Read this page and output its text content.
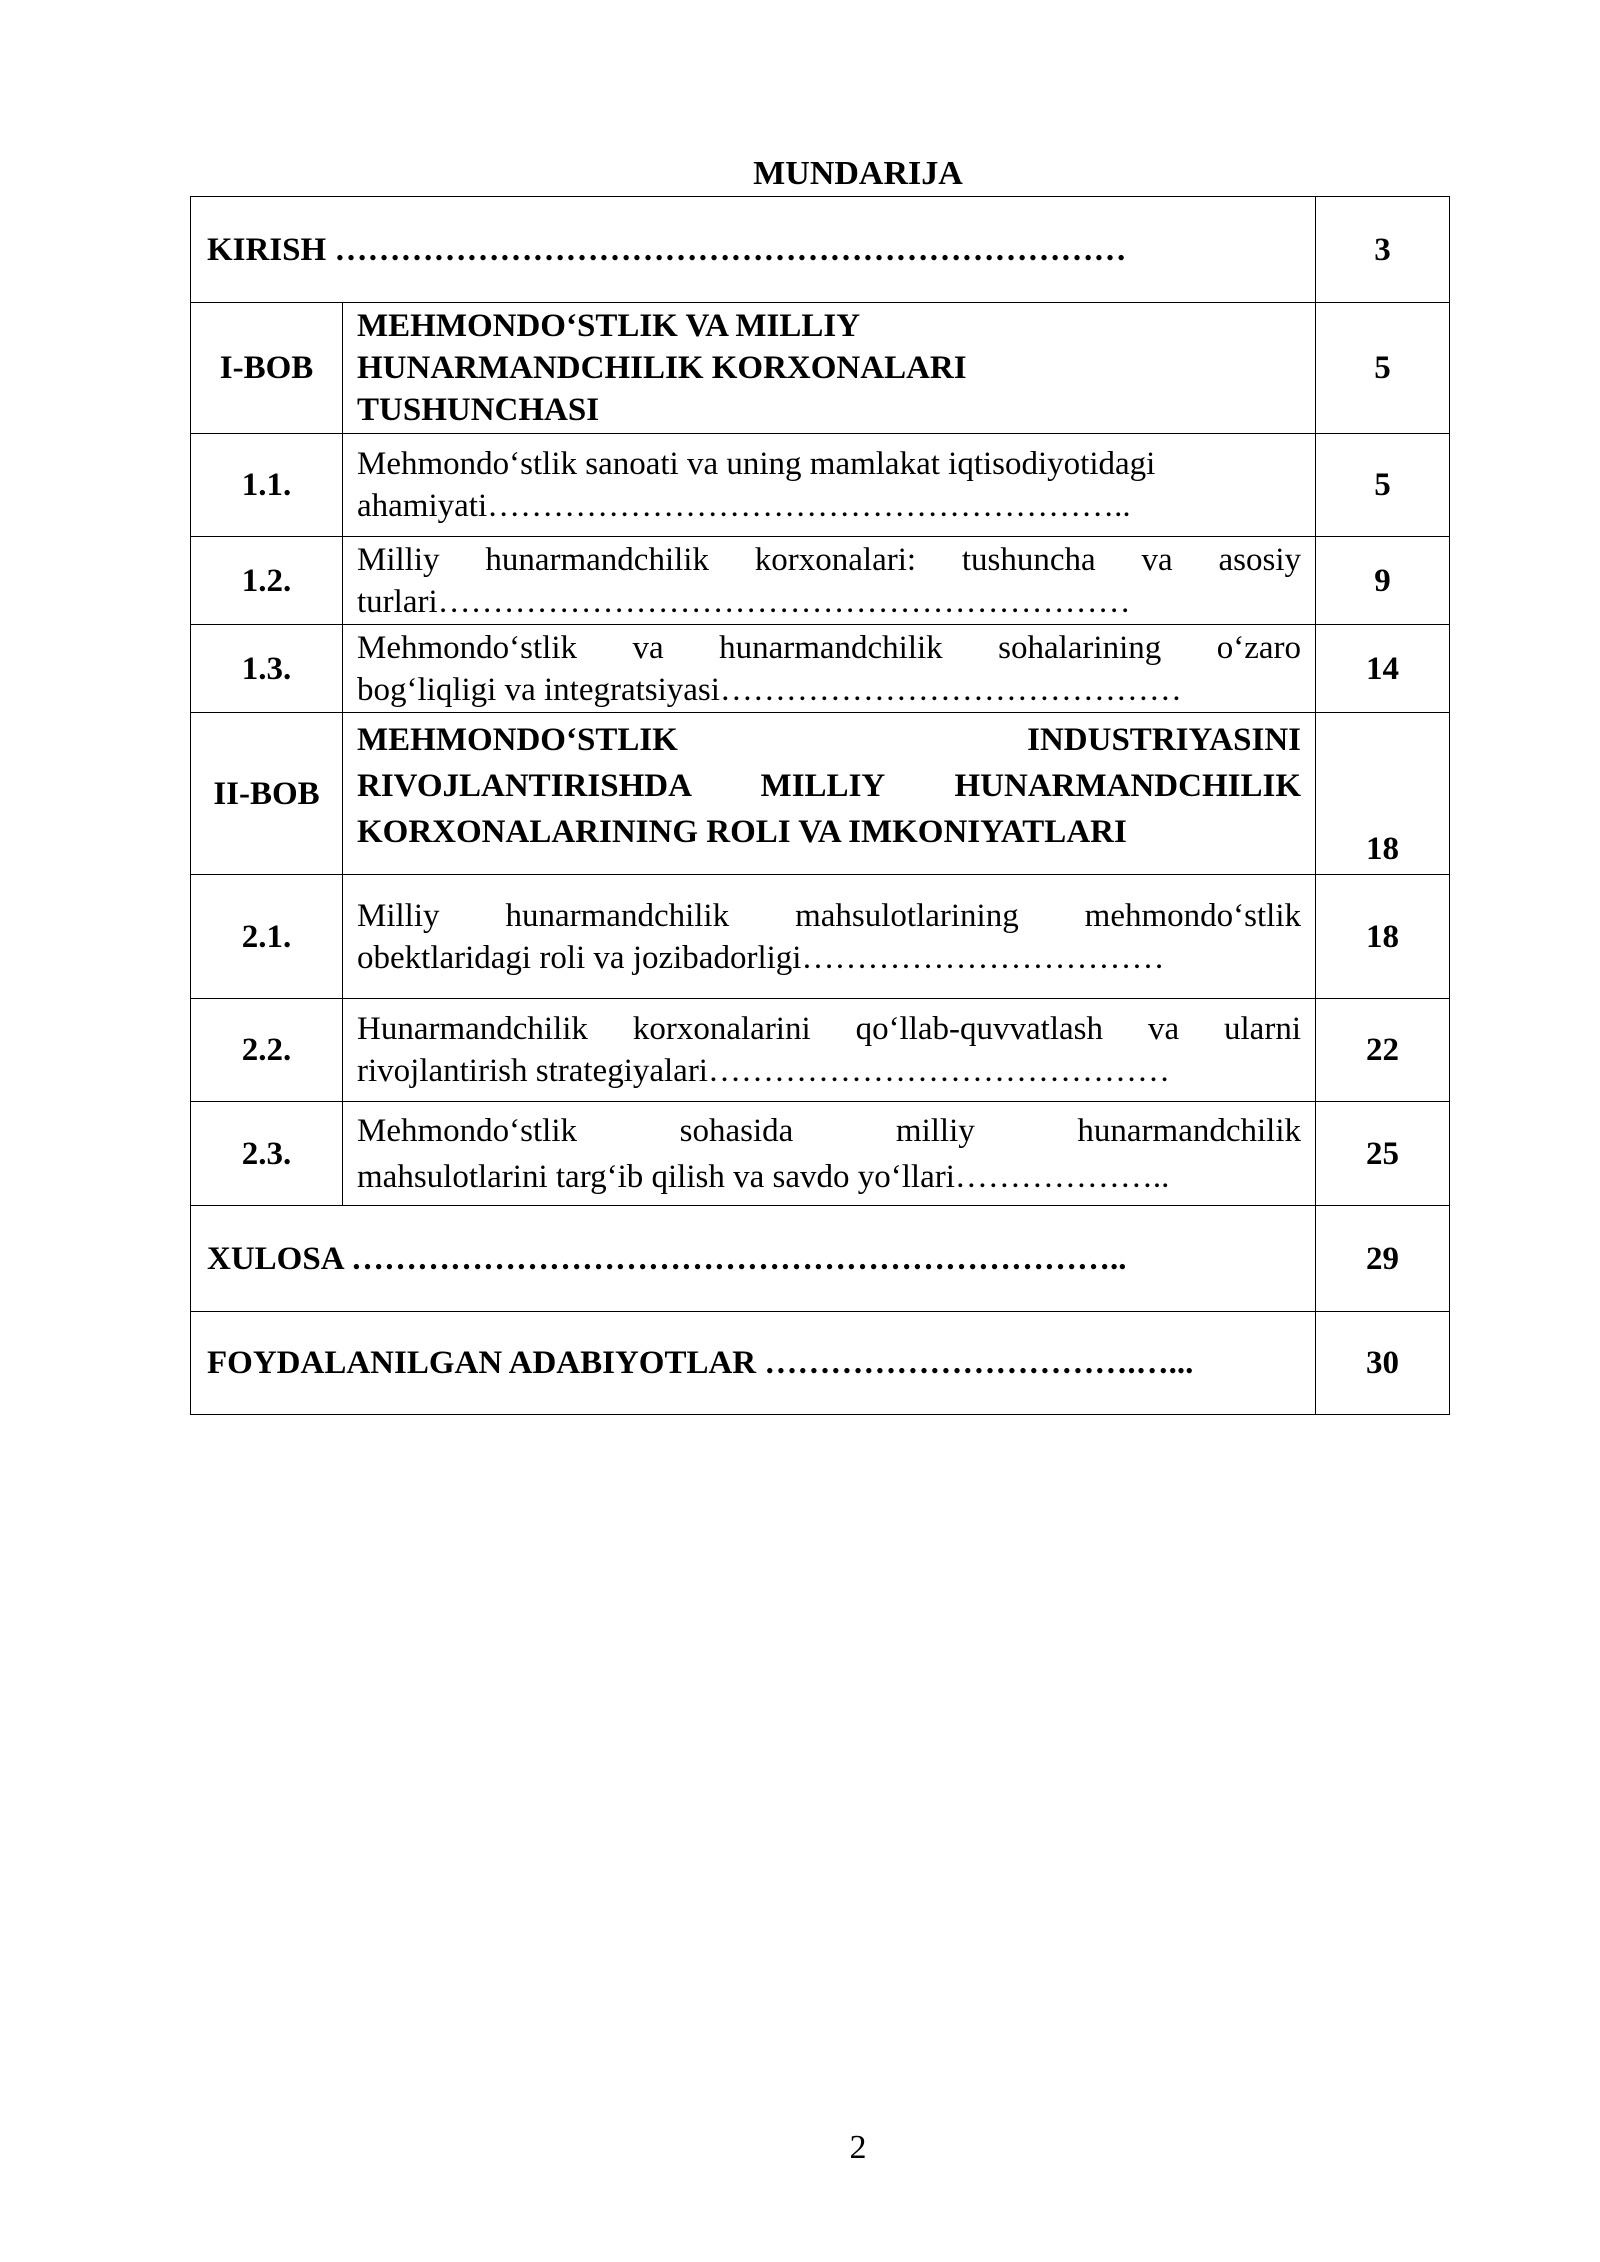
MUNDARIJA
KIRISH ………………………………………………………………		3
I-BOB	MEHMONDO‘STLIK VA MILLIY
HUNARMANDCHILIK KORXONALARI
TUSHUNCHASI	5
1.1.	Mehmondo‘stlik sanoati va uning mamlakat iqtisodiyotidagi
ahamiyati…………………………………………………..	5
1.2.	Milliy hunarmandchilik korxonalari: tushuncha va asosiy
turlari………………………………………………………	9
1.3.	Mehmondo‘stlik va hunarmandchilik sohalarining o‘zaro
bog‘liqligi va integratsiyasi……………………………………	14
II-BOB	MEHMONDO‘STLIK INDUSTRIYASINI
RIVOJLANTIRISHDA MILLIY HUNARMANDCHILIK
KORXONALARINING ROLI VA IMKONIYATLARI	18
2.1.	Milliy hunarmandchilik mahsulotlarining mehmondo‘stlik
obektlaridagi roli va jozibadorligi……………………………	18
2.2.	Hunarmandchilik korxonalarini qo‘llab-quvvatlash va ularni
rivojlantirish strategiyalari……………………………………	22
2.3.	Mehmondo‘stlik sohasida milliy hunarmandchilik
mahsulotlarini targ‘ib qilish va savdo yo‘llari………………..	25
XULOSA ……………………………………………………………..		29
FOYDALANILGAN ADABIYOTLAR …………………………….…...		30
2
